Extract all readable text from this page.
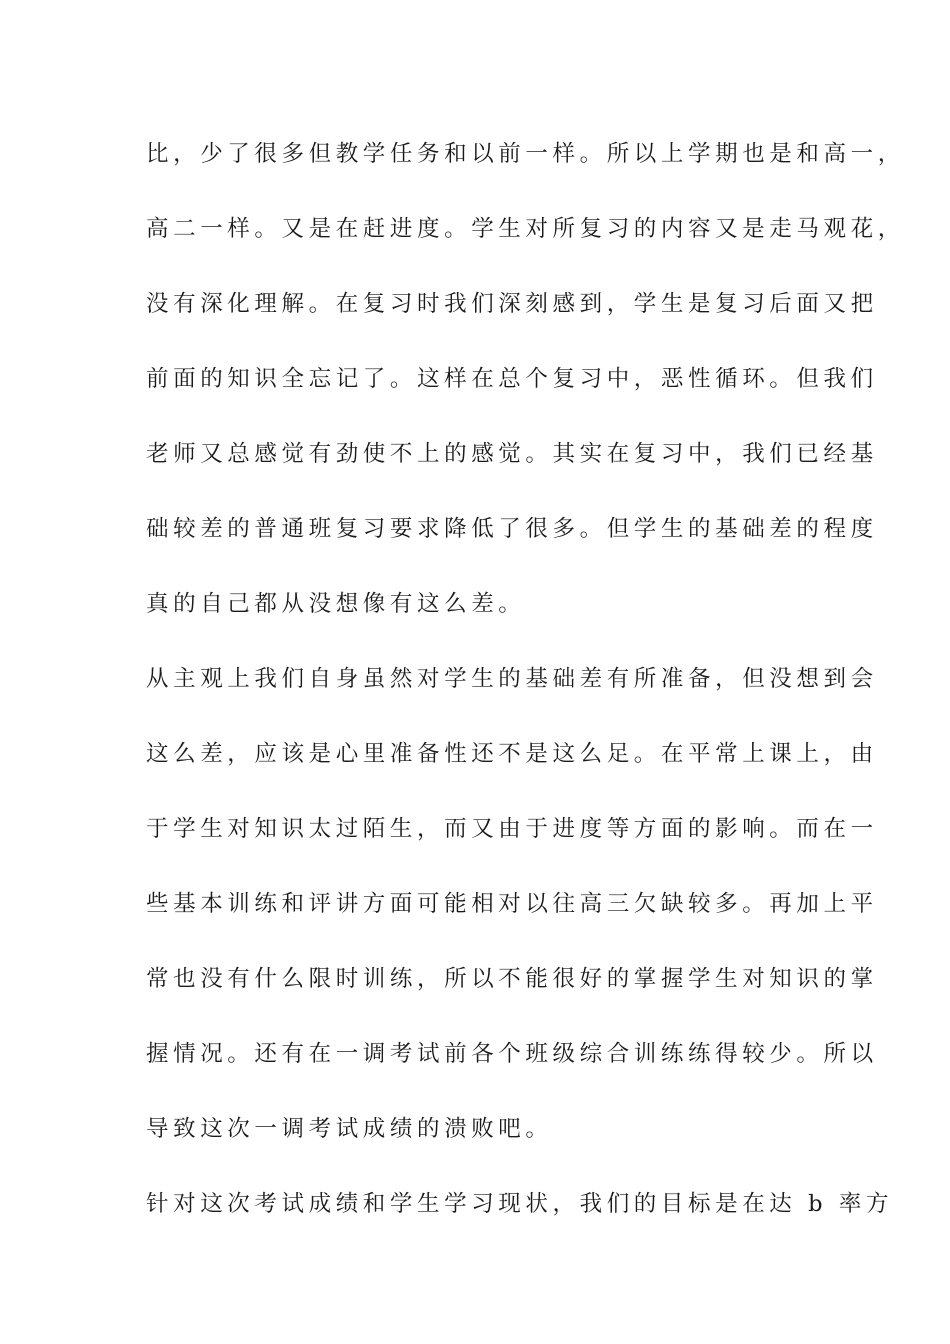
比，少了很多但教学任务和以前一样。所以上学期也是和高一，
高二一样。又是在赶进度。学生对所复习的内容又是走马观花，
没有深化理解。在复习时我们深刻感到，学生是复习后面又把
前面的知识全忘记了。这样在总个复习中，恶性循环。但我们
老师又总感觉有劲使不上的感觉。其实在复习中，我们已经基
础较差的普通班复习要求降低了很多。但学生的基础差的程度
真的自己都从没想像有这么差。
从主观上我们自身虽然对学生的基础差有所准备，但没想到会
这么差，应该是心里准备性还不是这么足。在平常上课上，由
于学生对知识太过陌生，而又由于进度等方面的影响。而在一
些基本训练和评讲方面可能相对以往高三欠缺较多。再加上平
常也没有什么限时训练，所以不能很好的掌握学生对知识的掌
握情况。还有在一调考试前各个班级综合训练练得较少。所以
导致这次一调考试成绩的溃败吧。
针对这次考试成绩和学生学习现状，我们的目标是在达 b 率方
